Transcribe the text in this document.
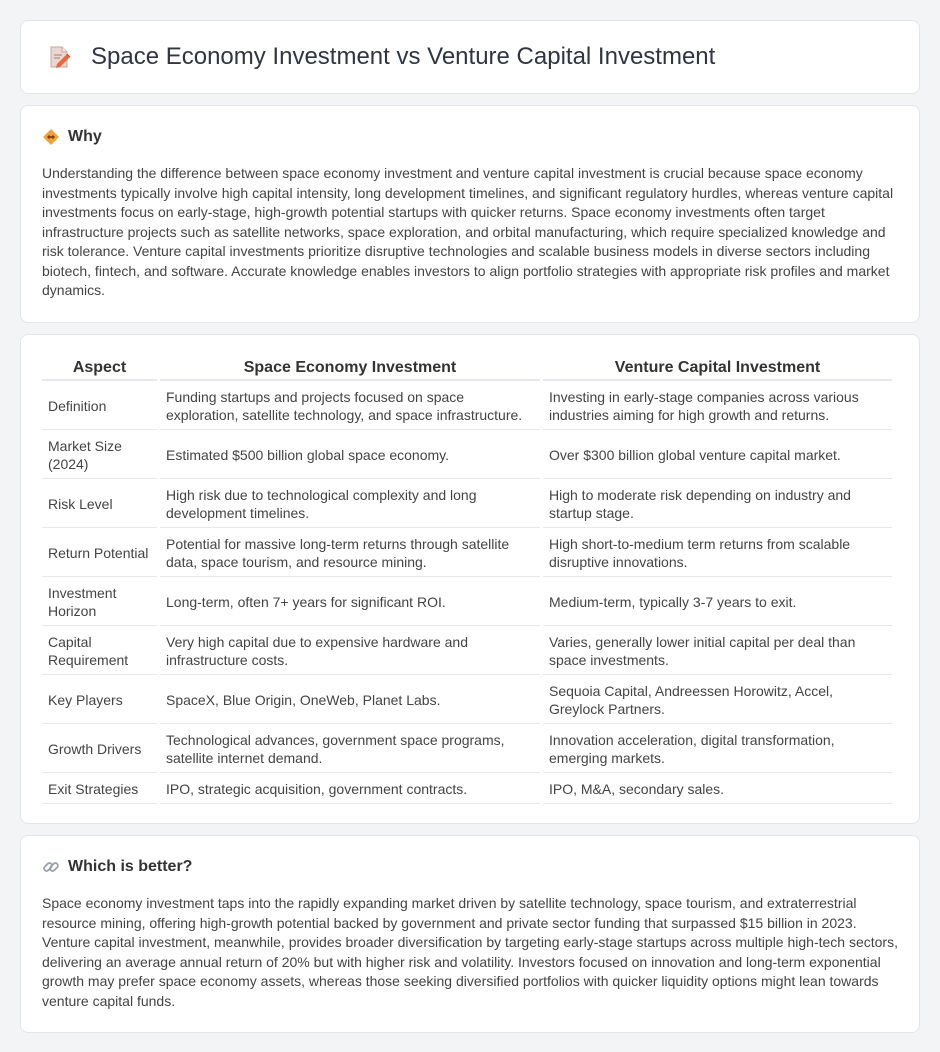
Space Economy Investment vs Venture Capital Investment
Why

Understanding the difference between space economy investment and venture capital investment is crucial because space economy investments typically involve high capital intensity, long development timelines, and significant regulatory hurdles, whereas venture capital investments focus on early-stage, high-growth potential startups with quicker returns. Space economy investments often target infrastructure projects such as satellite networks, space exploration, and orbital manufacturing, which require specialized knowledge and risk tolerance. Venture capital investments prioritize disruptive technologies and scalable business models in diverse sectors including biotech, fintech, and software. Accurate knowledge enables investors to align portfolio strategies with appropriate risk profiles and market dynamics.

Aspect	Space Economy Investment	Venture Capital Investment
Definition	Funding startups and projects focused on space exploration, satellite technology, and space infrastructure.	Investing in early-stage companies across various industries aiming for high growth and returns.
Market Size (2024)	Estimated $500 billion global space economy.	Over $300 billion global venture capital market.
Risk Level	High risk due to technological complexity and long development timelines.	High to moderate risk depending on industry and startup stage.
Return Potential	Potential for massive long-term returns through satellite data, space tourism, and resource mining.	High short-to-medium term returns from scalable disruptive innovations.
Investment Horizon	Long-term, often 7+ years for significant ROI.	Medium-term, typically 3-7 years to exit.
Capital Requirement	Very high capital due to expensive hardware and infrastructure costs.	Varies, generally lower initial capital per deal than space investments.
Key Players	SpaceX, Blue Origin, OneWeb, Planet Labs.	Sequoia Capital, Andreessen Horowitz, Accel, Greylock Partners.
Growth Drivers	Technological advances, government space programs, satellite internet demand.	Innovation acceleration, digital transformation, emerging markets.
Exit Strategies	IPO, strategic acquisition, government contracts.	IPO, M&A, secondary sales.
Which is better?

Space economy investment taps into the rapidly expanding market driven by satellite technology, space tourism, and extraterrestrial resource mining, offering high-growth potential backed by government and private sector funding that surpassed $15 billion in 2023. Venture capital investment, meanwhile, provides broader diversification by targeting early-stage startups across multiple high-tech sectors, delivering an average annual return of 20% but with higher risk and volatility. Investors focused on innovation and long-term exponential growth may prefer space economy assets, whereas those seeking diversified portfolios with quicker liquidity options might lean towards venture capital funds.
